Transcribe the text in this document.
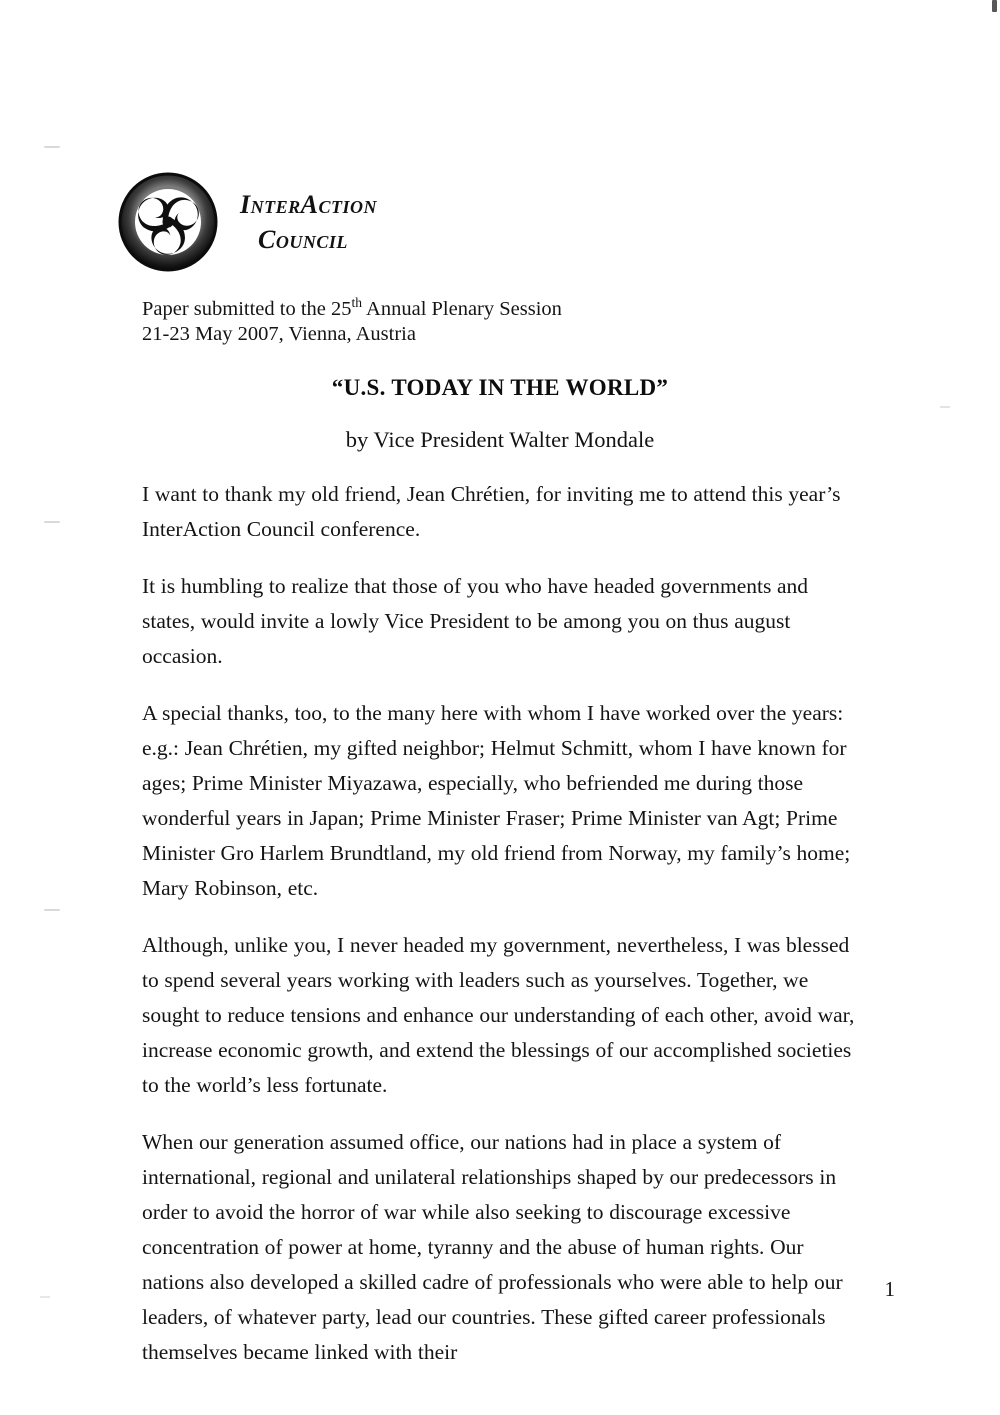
InterAction
Council
Paper submitted to the 25th Annual Plenary Session
21-23 May 2007, Vienna, Austria
“U.S. TODAY IN THE WORLD”
by Vice President Walter Mondale

I want to thank my old friend, Jean Chrétien, for inviting me to attend this year’s InterAction Council conference.

It is humbling to realize that those of you who have headed governments and states, would invite a lowly Vice President to be among you on thus august occasion.

A special thanks, too, to the many here with whom I have worked over the years: e.g.: Jean Chrétien, my gifted neighbor; Helmut Schmitt, whom I have known for ages; Prime Minister Miyazawa, especially, who befriended me during those wonderful years in Japan; Prime Minister Fraser; Prime Minister van Agt; Prime Minister Gro Harlem Brundtland, my old friend from Norway, my family’s home; Mary Robinson, etc.

Although, unlike you, I never headed my government, nevertheless, I was blessed to spend several years working with leaders such as yourselves. Together, we sought to reduce tensions and enhance our understanding of each other, avoid war, increase economic growth, and extend the blessings of our accomplished societies to the world’s less fortunate.

When our generation assumed office, our nations had in place a system of international, regional and unilateral relationships shaped by our predecessors in order to avoid the horror of war while also seeking to discourage excessive concentration of power at home, tyranny and the abuse of human rights. Our nations also developed a skilled cadre of professionals who were able to help our leaders, of whatever party, lead our countries. These gifted career professionals themselves became linked with their

1
